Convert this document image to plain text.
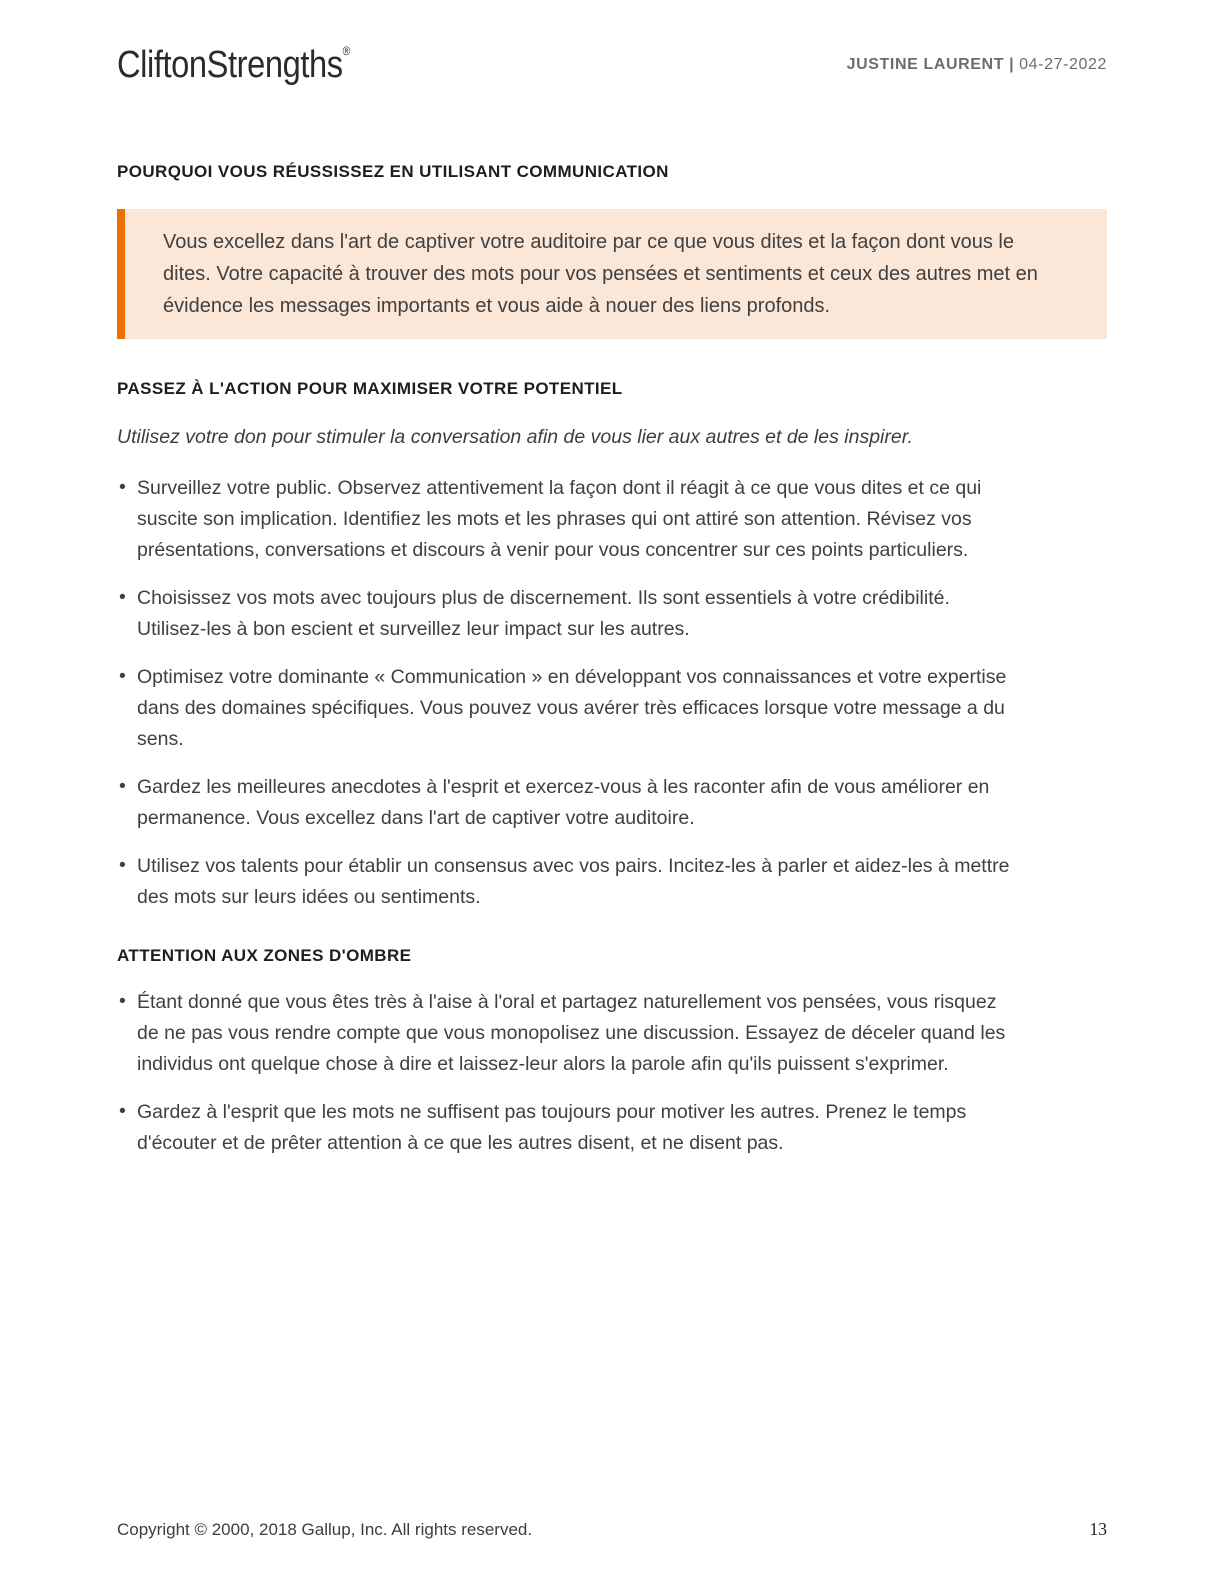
CliftonStrengths®
JUSTINE LAURENT | 04-27-2022
POURQUOI VOUS RÉUSSISSEZ EN UTILISANT COMMUNICATION

Vous excellez dans l'art de captiver votre auditoire par ce que vous dites et la façon dont vous le dites. Votre capacité à trouver des mots pour vos pensées et sentiments et ceux des autres met en évidence les messages importants et vous aide à nouer des liens profonds.

PASSEZ À L'ACTION POUR MAXIMISER VOTRE POTENTIEL

Utilisez votre don pour stimuler la conversation afin de vous lier aux autres et de les inspirer.

• Surveillez votre public. Observez attentivement la façon dont il réagit à ce que vous dites et ce qui suscite son implication. Identifiez les mots et les phrases qui ont attiré son attention. Révisez vos présentations, conversations et discours à venir pour vous concentrer sur ces points particuliers.
• Choisissez vos mots avec toujours plus de discernement. Ils sont essentiels à votre crédibilité. Utilisez-les à bon escient et surveillez leur impact sur les autres.
• Optimisez votre dominante « Communication » en développant vos connaissances et votre expertise dans des domaines spécifiques. Vous pouvez vous avérer très efficaces lorsque votre message a du sens.
• Gardez les meilleures anecdotes à l'esprit et exercez-vous à les raconter afin de vous améliorer en permanence. Vous excellez dans l'art de captiver votre auditoire.
• Utilisez vos talents pour établir un consensus avec vos pairs. Incitez-les à parler et aidez-les à mettre des mots sur leurs idées ou sentiments.
ATTENTION AUX ZONES D'OMBRE
• Étant donné que vous êtes très à l'aise à l'oral et partagez naturellement vos pensées, vous risquez de ne pas vous rendre compte que vous monopolisez une discussion. Essayez de déceler quand les individus ont quelque chose à dire et laissez-leur alors la parole afin qu'ils puissent s'exprimer.
• Gardez à l'esprit que les mots ne suffisent pas toujours pour motiver les autres. Prenez le temps d'écouter et de prêter attention à ce que les autres disent, et ne disent pas.
Copyright © 2000, 2018 Gallup, Inc. All rights reserved.	13
